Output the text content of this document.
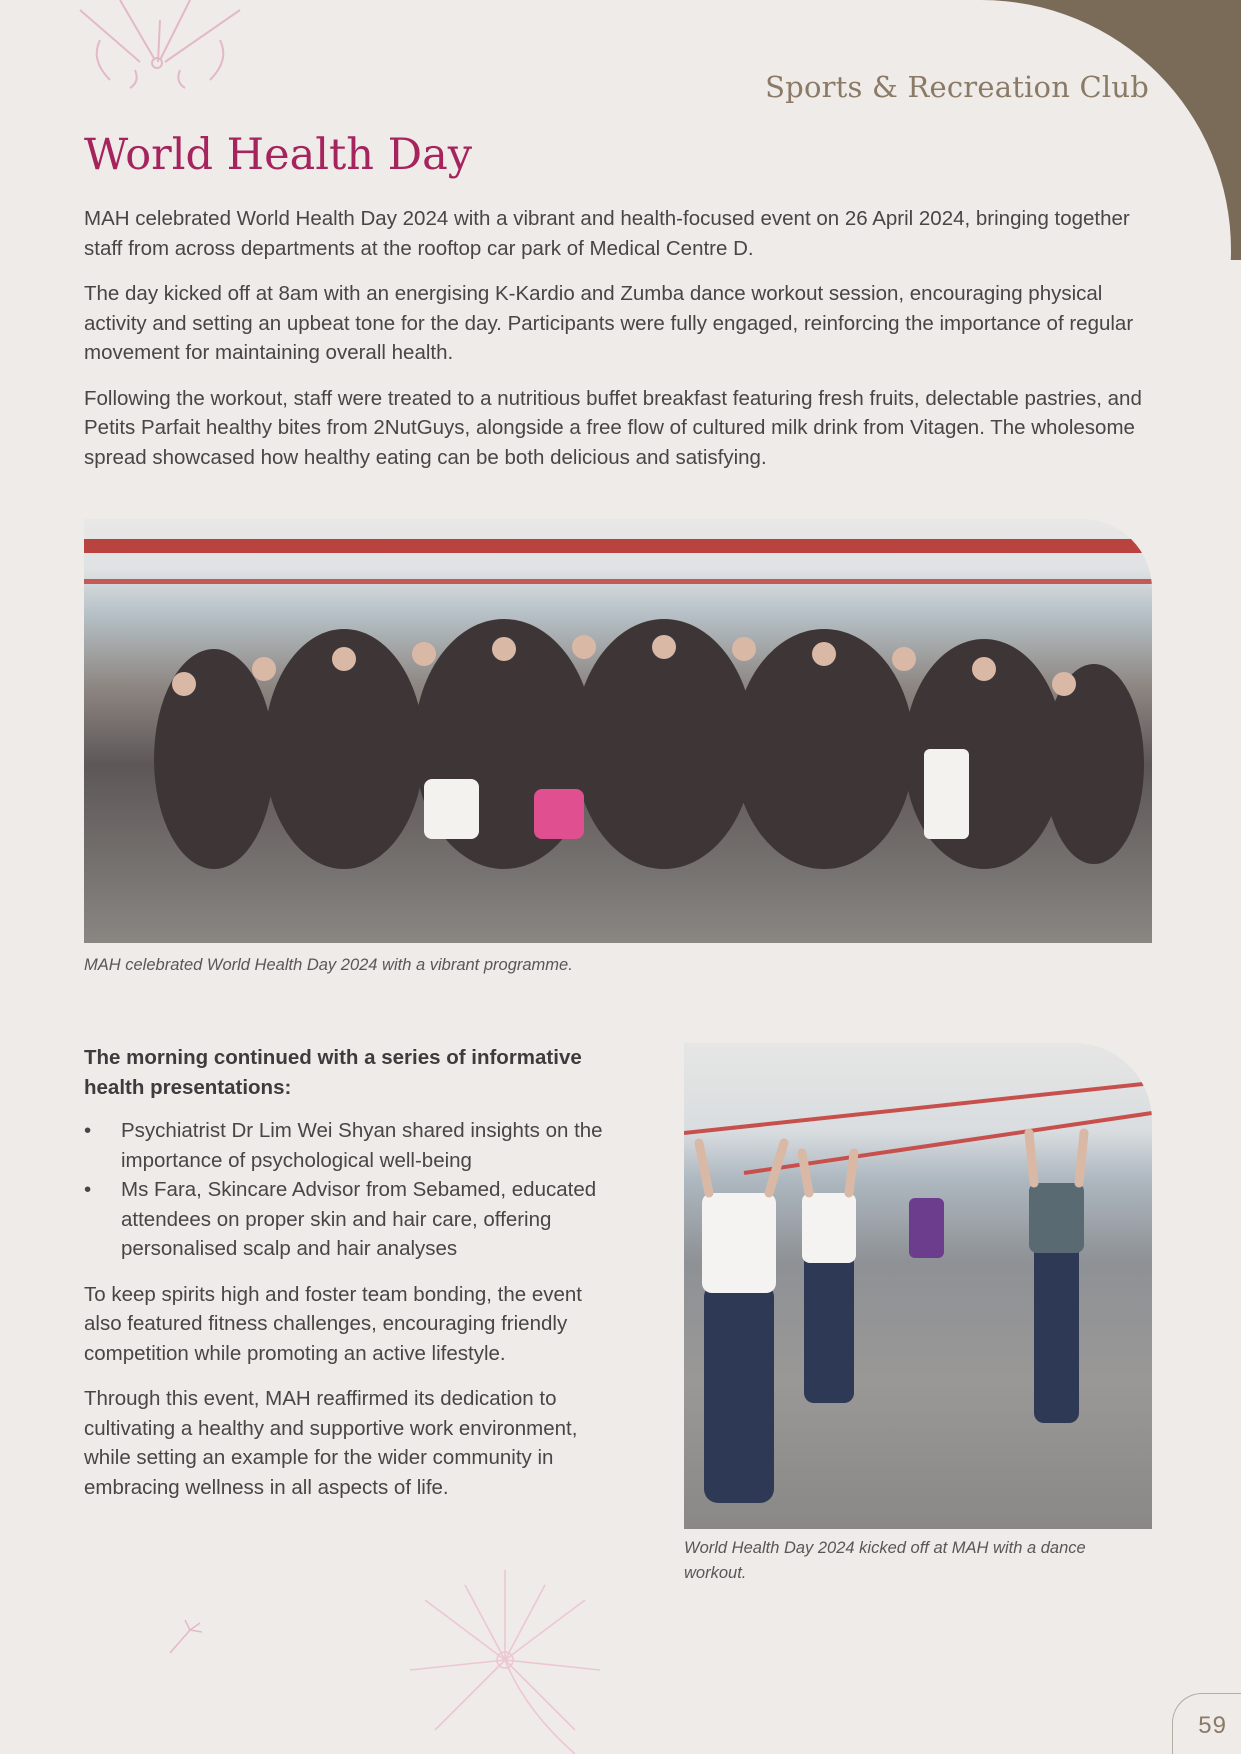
Sports & Recreation Club
World Health Day

MAH celebrated World Health Day 2024 with a vibrant and health-focused event on 26 April 2024, bringing together staff from across departments at the rooftop car park of Medical Centre D.

The day kicked off at 8am with an energising K-Kardio and Zumba dance workout session, encouraging physical activity and setting an upbeat tone for the day. Participants were fully engaged, reinforcing the importance of regular movement for maintaining overall health.

Following the workout, staff were treated to a nutritious buffet breakfast featuring fresh fruits, delectable pastries, and Petits Parfait healthy bites from 2NutGuys, alongside a free flow of cultured milk drink from Vitagen. The wholesome spread showcased how healthy eating can be both delicious and satisfying.

MAH celebrated World Health Day 2024 with a vibrant programme.

The morning continued with a series of informative health presentations:

• Psychiatrist Dr Lim Wei Shyan shared insights on the importance of psychological well-being
• Ms Fara, Skincare Advisor from Sebamed, educated attendees on proper skin and hair care, offering personalised scalp and hair analyses

To keep spirits high and foster team bonding, the event also featured fitness challenges, encouraging friendly competition while promoting an active lifestyle.

Through this event, MAH reaffirmed its dedication to cultivating a healthy and supportive work environment, while setting an example for the wider community in embracing wellness in all aspects of life.

World Health Day 2024 kicked off at MAH with a dance workout.
59
